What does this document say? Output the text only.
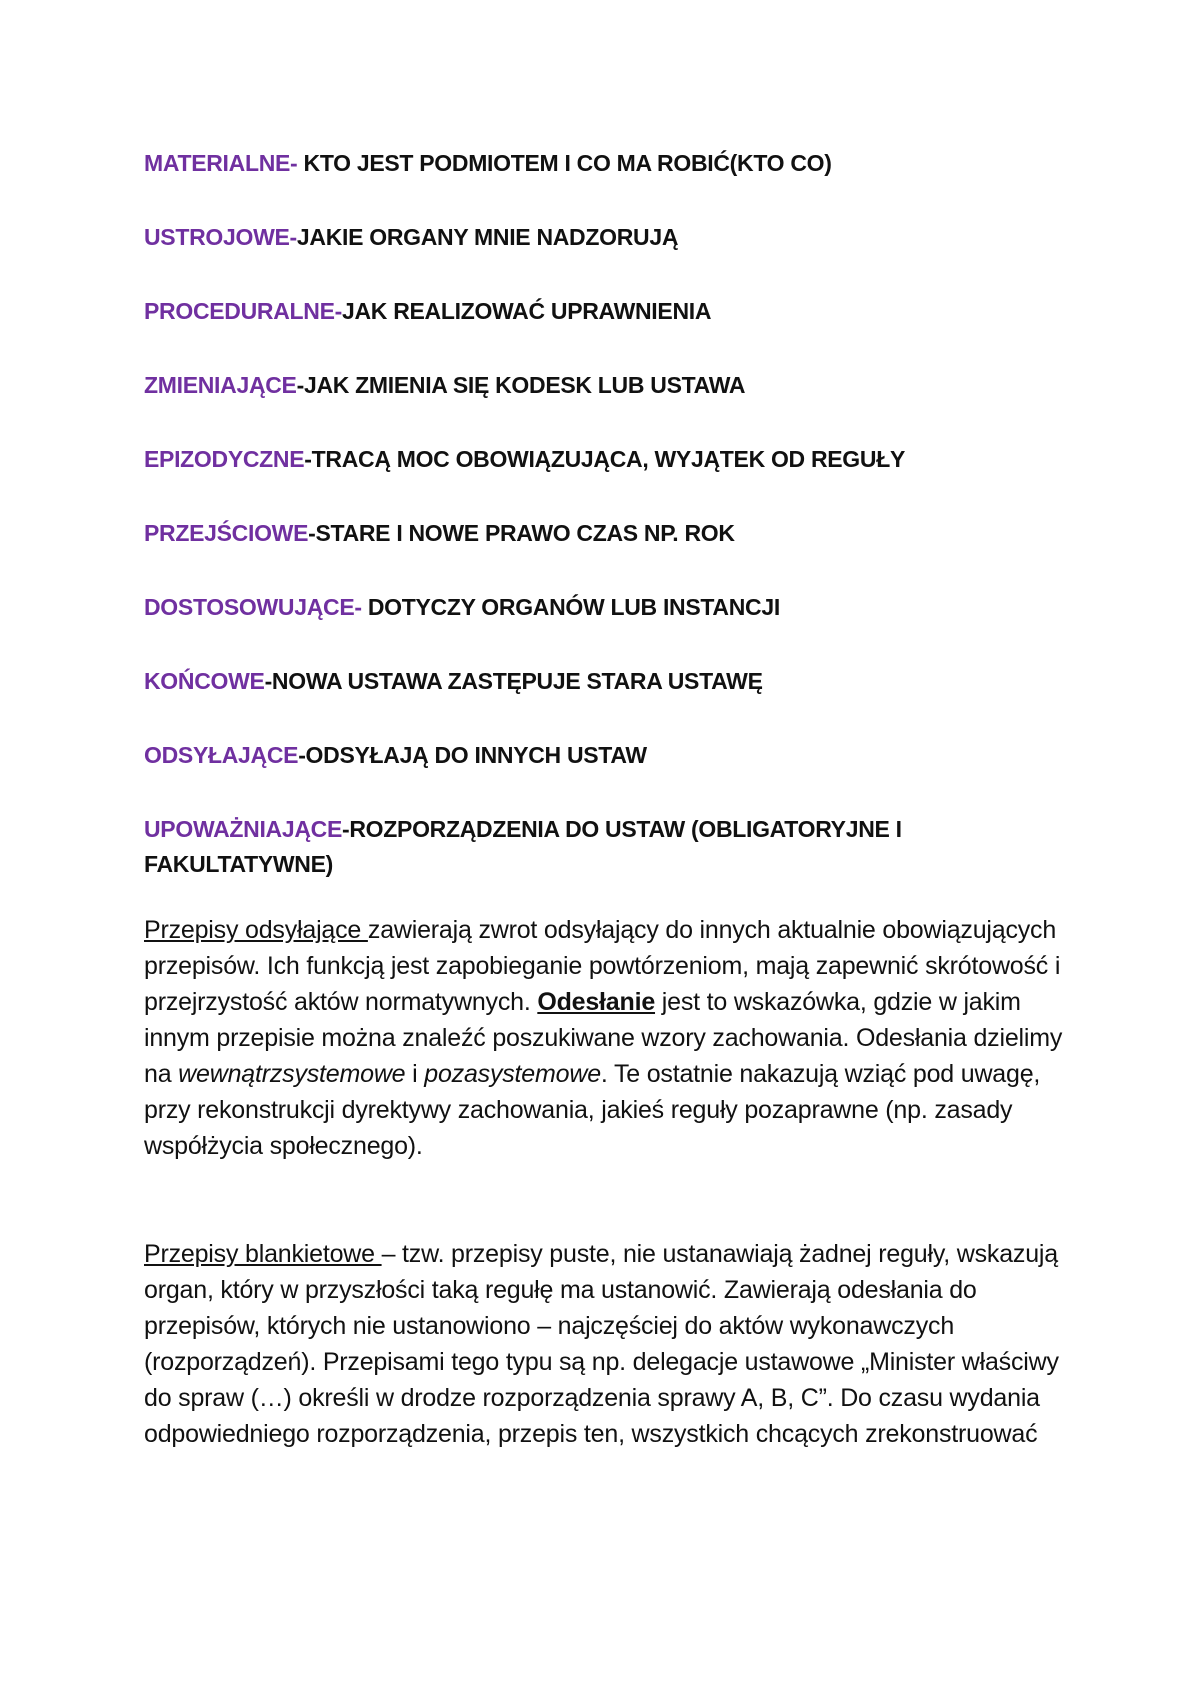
MATERIALNE- KTO JEST PODMIOTEM I CO MA ROBIĆ(KTO CO)

USTROJOWE-JAKIE ORGANY MNIE NADZORUJĄ

PROCEDURALNE-JAK REALIZOWAĆ UPRAWNIENIA

ZMIENIAJĄCE-JAK ZMIENIA SIĘ KODESK LUB USTAWA

EPIZODYCZNE-TRACĄ MOC OBOWIĄZUJĄCA, WYJĄTEK OD REGUŁY

PRZEJŚCIOWE-STARE I NOWE PRAWO CZAS NP. ROK

DOSTOSOWUJĄCE- DOTYCZY ORGANÓW LUB INSTANCJI

KOŃCOWE-NOWA USTAWA ZASTĘPUJE STARA USTAWĘ

ODSYŁAJĄCE-ODSYŁAJĄ DO INNYCH USTAW

UPOWAŻNIAJĄCE-ROZPORZĄDZENIA DO USTAW (OBLIGATORYJNE I FAKULTATYWNE)

Przepisy odsyłające zawierają zwrot odsyłający do innych aktualnie obowiązujących przepisów. Ich funkcją jest zapobieganie powtórzeniom, mają zapewnić skrótowość i przejrzystość aktów normatywnych. Odesłanie jest to wskazówka, gdzie w jakim innym przepisie można znaleźć poszukiwane wzory zachowania. Odesłania dzielimy na wewnątrzsystemowe i pozasystemowe. Te ostatnie nakazują wziąć pod uwagę, przy rekonstrukcji dyrektywy zachowania, jakieś reguły pozaprawne (np. zasady współżycia społecznego).

Przepisy blankietowe – tzw. przepisy puste, nie ustanawiają żadnej reguły, wskazują organ, który w przyszłości taką regułę ma ustanowić. Zawierają odesłania do przepisów, których nie ustanowiono – najczęściej do aktów wykonawczych (rozporządzeń). Przepisami tego typu są np. delegacje ustawowe „Minister właściwy do spraw (…) określi w drodze rozporządzenia sprawy A, B, C”. Do czasu wydania odpowiedniego rozporządzenia, przepis ten, wszystkich chcących zrekonstruować
